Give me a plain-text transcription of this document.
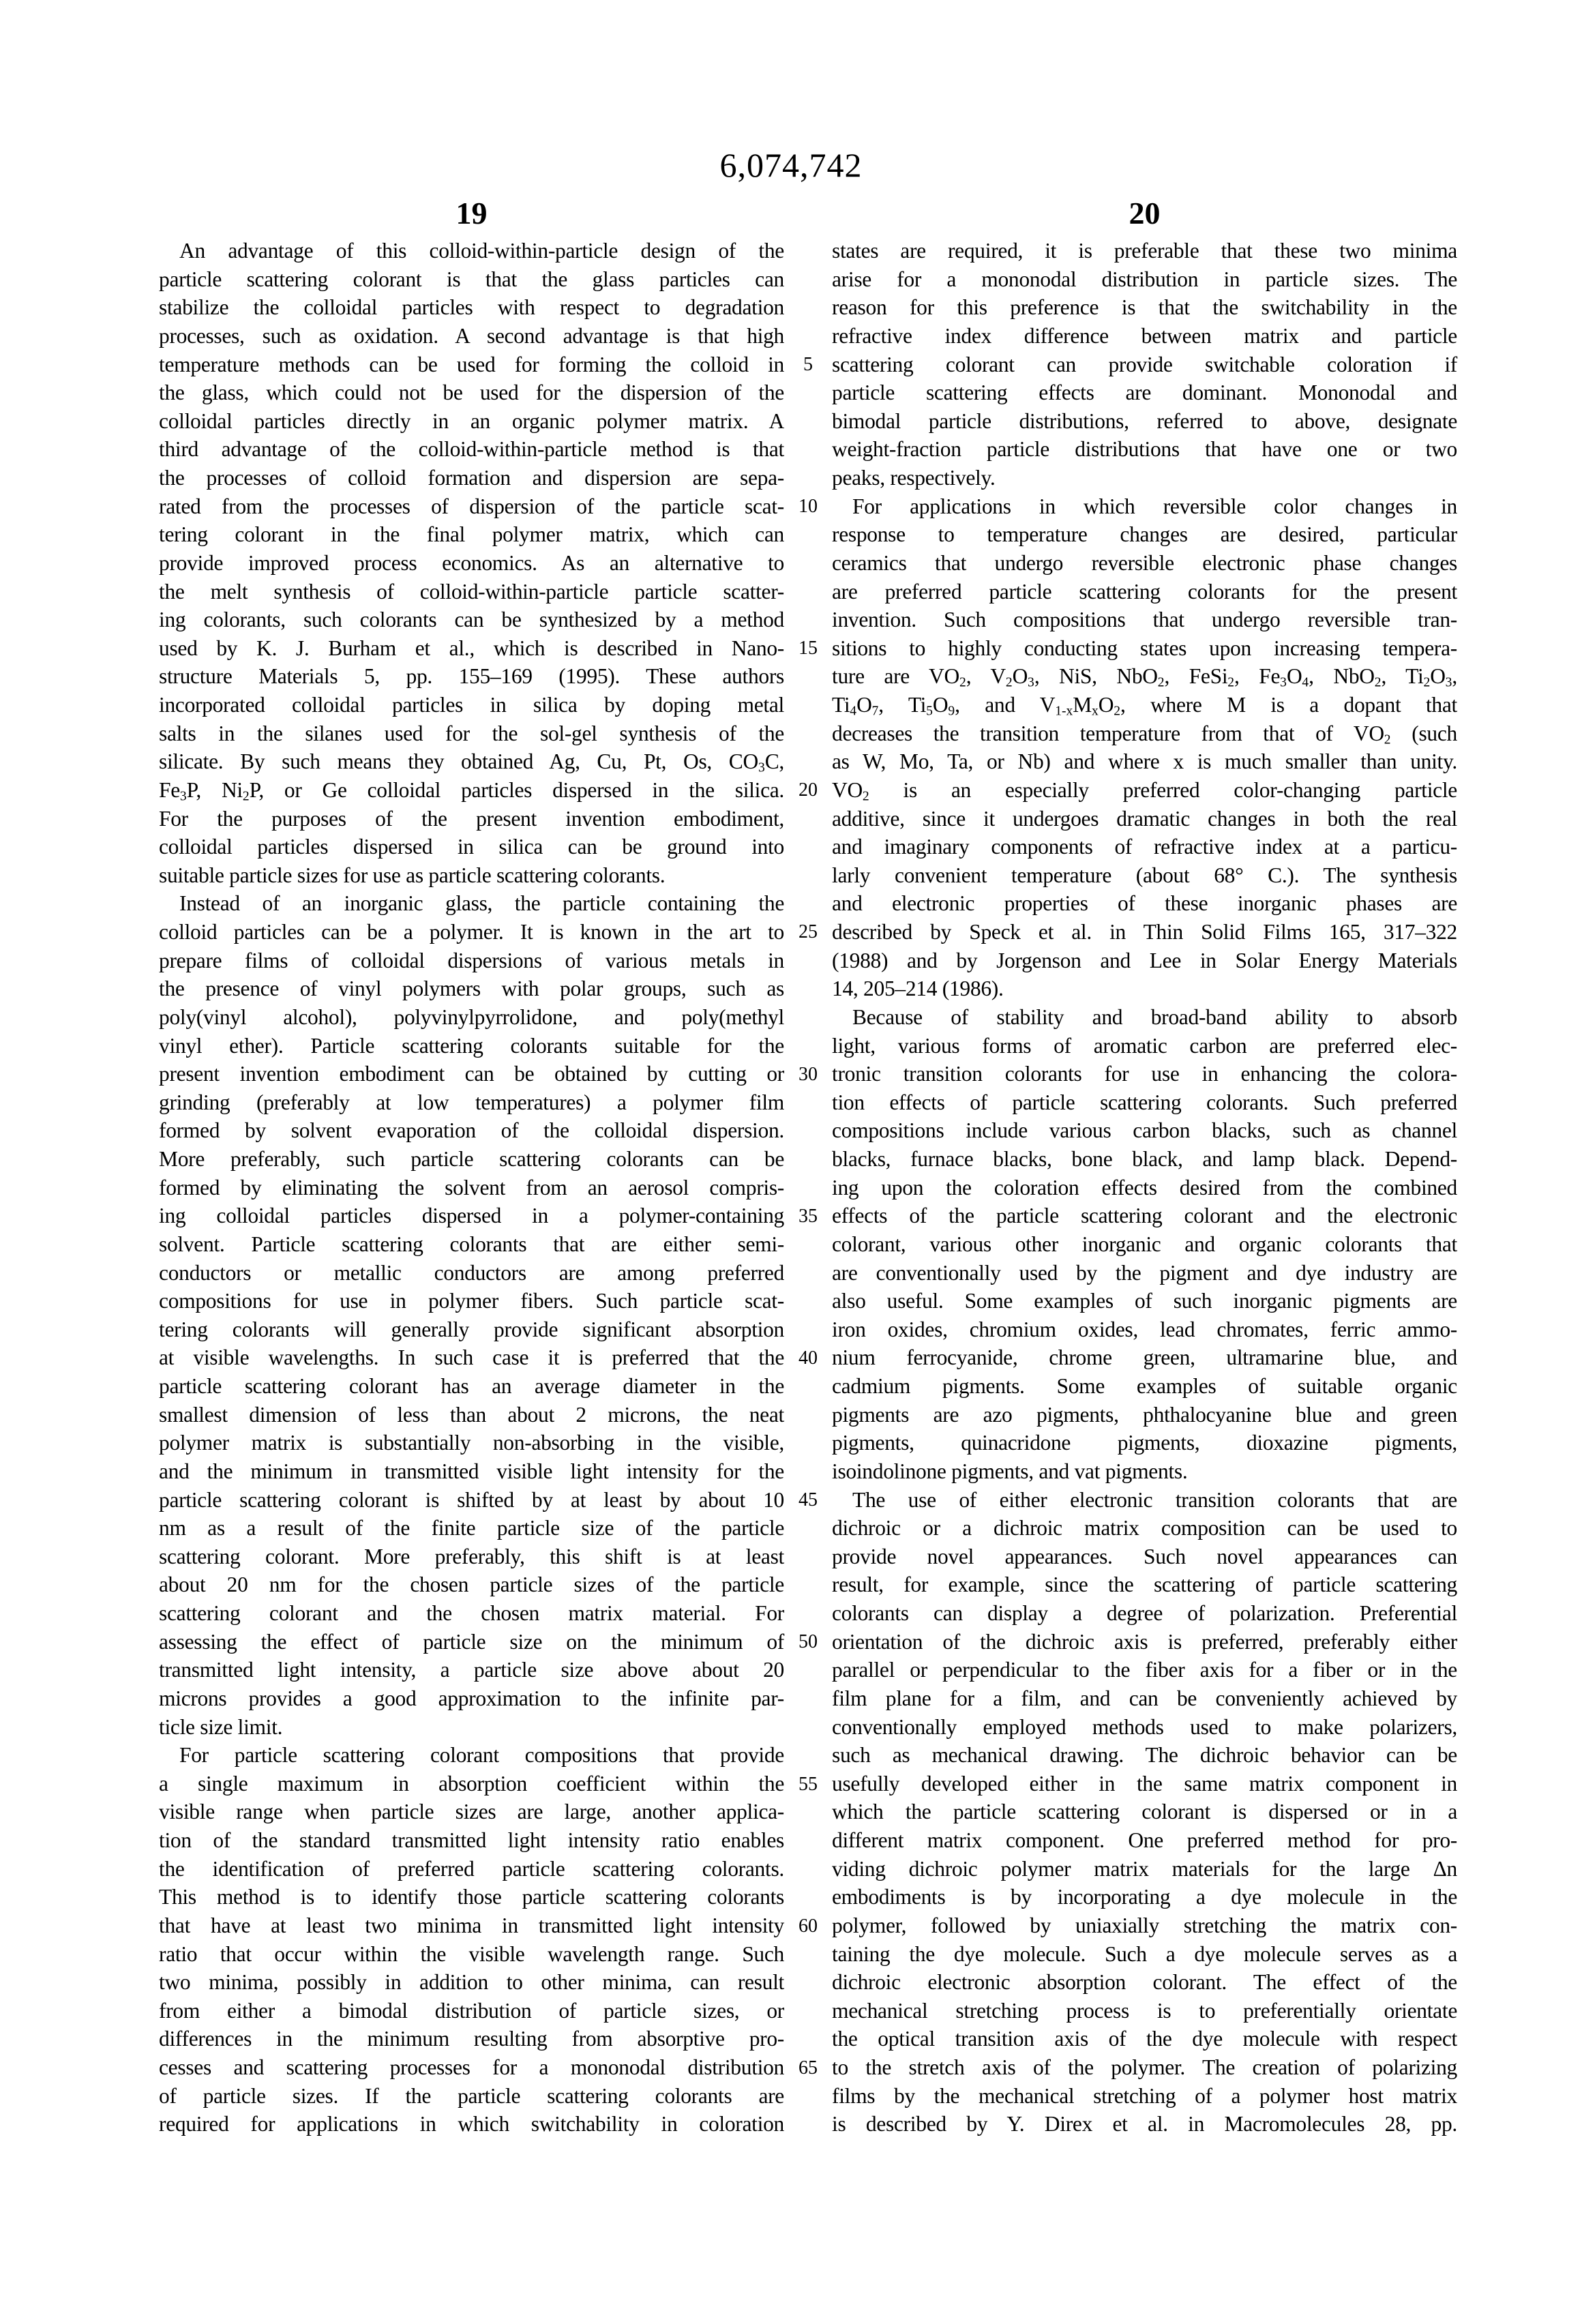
6,074,742
19	20
An advantage of this colloid-within-particle design of the
particle scattering colorant is that the glass particles can
stabilize the colloidal particles with respect to degradation
processes, such as oxidation. A second advantage is that high
temperature methods can be used for forming the colloid in
the glass, which could not be used for the dispersion of the
colloidal particles directly in an organic polymer matrix. A
third advantage of the colloid-within-particle method is that
the processes of colloid formation and dispersion are sepa-
rated from the processes of dispersion of the particle scat-
tering colorant in the final polymer matrix, which can
provide improved process economics. As an alternative to
the melt synthesis of colloid-within-particle particle scatter-
ing colorants, such colorants can be synthesized by a method
used by K. J. Burham et al., which is described in Nano-
structure Materials 5, pp. 155–169 (1995). These authors
incorporated colloidal particles in silica by doping metal
salts in the silanes used for the sol-gel synthesis of the
silicate. By such means they obtained Ag, Cu, Pt, Os, $CO_3C$,
$Fe_3P$, $Ni_2P$, or Ge colloidal particles dispersed in the silica.
For the purposes of the present invention embodiment,
colloidal particles dispersed in silica can be ground into
suitable particle sizes for use as particle scattering colorants.
Instead of an inorganic glass, the particle containing the
colloid particles can be a polymer. It is known in the art to
prepare films of colloidal dispersions of various metals in
the presence of vinyl polymers with polar groups, such as
poly(vinyl alcohol), polyvinylpyrrolidone, and poly(methyl
vinyl ether). Particle scattering colorants suitable for the
present invention embodiment can be obtained by cutting or
grinding (preferably at low temperatures) a polymer film
formed by solvent evaporation of the colloidal dispersion.
More preferably, such particle scattering colorants can be
formed by eliminating the solvent from an aerosol compris-
ing colloidal particles dispersed in a polymer-containing
solvent. Particle scattering colorants that are either semi-
conductors or metallic conductors are among preferred
compositions for use in polymer fibers. Such particle scat-
tering colorants will generally provide significant absorption
at visible wavelengths. In such case it is preferred that the
particle scattering colorant has an average diameter in the
smallest dimension of less than about 2 microns, the neat
polymer matrix is substantially non-absorbing in the visible,
and the minimum in transmitted visible light intensity for the
particle scattering colorant is shifted by at least by about 10
nm as a result of the finite particle size of the particle
scattering colorant. More preferably, this shift is at least
about 20 nm for the chosen particle sizes of the particle
scattering colorant and the chosen matrix material. For
assessing the effect of particle size on the minimum of
transmitted light intensity, a particle size above about 20
microns provides a good approximation to the infinite par-
ticle size limit.
For particle scattering colorant compositions that provide
a single maximum in absorption coefficient within the
visible range when particle sizes are large, another applica-
tion of the standard transmitted light intensity ratio enables
the identification of preferred particle scattering colorants.
This method is to identify those particle scattering colorants
that have at least two minima in transmitted light intensity
ratio that occur within the visible wavelength range. Such
two minima, possibly in addition to other minima, can result
from either a bimodal distribution of particle sizes, or
differences in the minimum resulting from absorptive pro-
cesses and scattering processes for a mononodal distribution
of particle sizes. If the particle scattering colorants are
required for applications in which switchability in coloration
5
10
15
20
25
30
35
40
45
50
55
60
65
states are required, it is preferable that these two minima
arise for a mononodal distribution in particle sizes. The
reason for this preference is that the switchability in the
refractive index difference between matrix and particle
scattering colorant can provide switchable coloration if
particle scattering effects are dominant. Mononodal and
bimodal particle distributions, referred to above, designate
weight-fraction particle distributions that have one or two
peaks, respectively.
For applications in which reversible color changes in
response to temperature changes are desired, particular
ceramics that undergo reversible electronic phase changes
are preferred particle scattering colorants for the present
invention. Such compositions that undergo reversible tran-
sitions to highly conducting states upon increasing tempera-
ture are $VO_2$, $V_2O_3$, NiS, NbO$_2$, FeSi$_2$, $Fe_3O_4$, NbO$_2$, $Ti_2O_3$,
$Ti_4O_7$, $Ti_5O_9$, and $V_{1-x}M_xO_2$, where M is a dopant that
decreases the transition temperature from that of $VO_2$ (such
as W, Mo, Ta, or Nb) and where x is much smaller than unity.
$VO_2$ is an especially preferred color-changing particle
additive, since it undergoes dramatic changes in both the real
and imaginary components of refractive index at a particu-
larly convenient temperature (about 68° C.). The synthesis
and electronic properties of these inorganic phases are
described by Speck et al. in Thin Solid Films 165, 317–322
(1988) and by Jorgenson and Lee in Solar Energy Materials
14, 205–214 (1986).
Because of stability and broad-band ability to absorb
light, various forms of aromatic carbon are preferred elec-
tronic transition colorants for use in enhancing the colora-
tion effects of particle scattering colorants. Such preferred
compositions include various carbon blacks, such as channel
blacks, furnace blacks, bone black, and lamp black. Depend-
ing upon the coloration effects desired from the combined
effects of the particle scattering colorant and the electronic
colorant, various other inorganic and organic colorants that
are conventionally used by the pigment and dye industry are
also useful. Some examples of such inorganic pigments are
iron oxides, chromium oxides, lead chromates, ferric ammo-
nium ferrocyanide, chrome green, ultramarine blue, and
cadmium pigments. Some examples of suitable organic
pigments are azo pigments, phthalocyanine blue and green
pigments, quinacridone pigments, dioxazine pigments,
isoindolinone pigments, and vat pigments.
The use of either electronic transition colorants that are
dichroic or a dichroic matrix composition can be used to
provide novel appearances. Such novel appearances can
result, for example, since the scattering of particle scattering
colorants can display a degree of polarization. Preferential
orientation of the dichroic axis is preferred, preferably either
parallel or perpendicular to the fiber axis for a fiber or in the
film plane for a film, and can be conveniently achieved by
conventionally employed methods used to make polarizers,
such as mechanical drawing. The dichroic behavior can be
usefully developed either in the same matrix component in
which the particle scattering colorant is dispersed or in a
different matrix component. One preferred method for pro-
viding dichroic polymer matrix materials for the large Δn
embodiments is by incorporating a dye molecule in the
polymer, followed by uniaxially stretching the matrix con-
taining the dye molecule. Such a dye molecule serves as a
dichroic electronic absorption colorant. The effect of the
mechanical stretching process is to preferentially orientate
the optical transition axis of the dye molecule with respect
to the stretch axis of the polymer. The creation of polarizing
films by the mechanical stretching of a polymer host matrix
is described by Y. Direx et al. in Macromolecules 28, pp.
